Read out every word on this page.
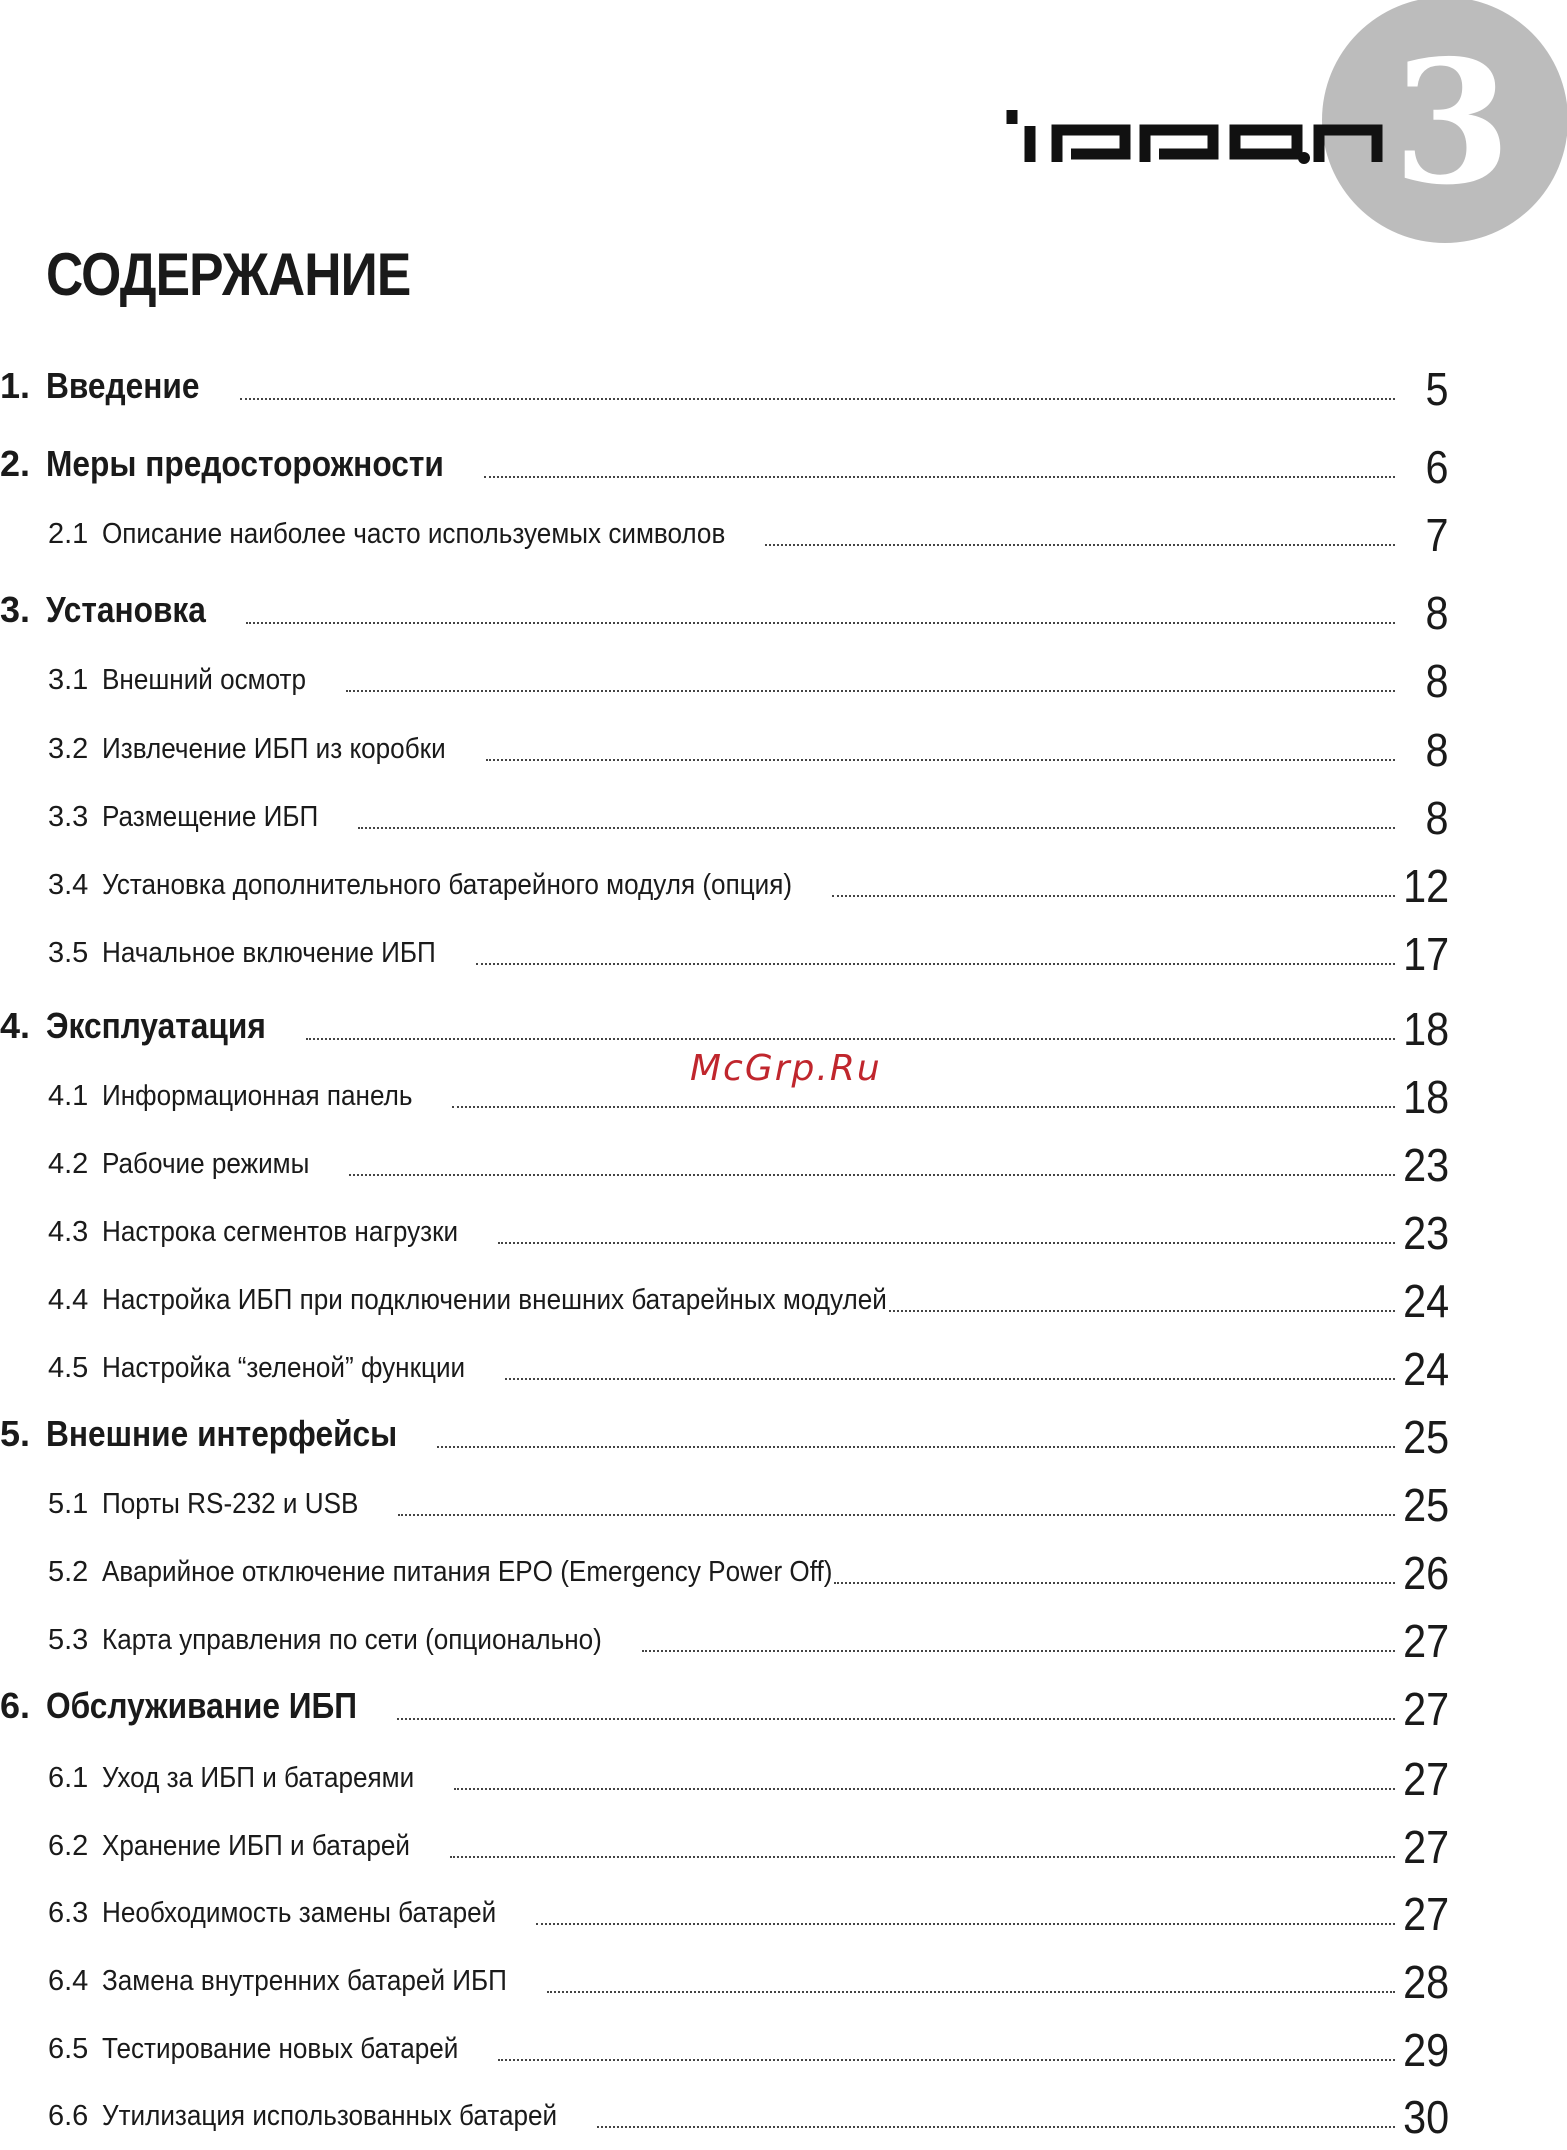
3
СОДЕРЖАНИЕ
1. Введение	5
2. Меры предосторожности	6
2.1 Описание наиболее часто используемых символов	7
3. Установка	8
3.1 Внешний осмотр	8
3.2 Извлечение ИБП из коробки	8
3.3 Размещение ИБП	8
3.4 Установка дополнительного батарейного модуля (опция)	12
3.5 Начальное включение ИБП	17
4. Эксплуатация	18
4.1 Информационная панель	18
4.2 Рабочие режимы	23
4.3 Настрока сегментов нагрузки	23
4.4 Настройка ИБП при подключении внешних батарейных модулей	24
4.5 Настройка “зеленой” функции	24
5. Внешние интерфейсы	25
5.1 Порты RS-232 и USB	25
5.2 Аварийное отключение питания EPO (Emergency Power Off)	26
5.3 Карта управления по сети (опционально)	27
6. Обслуживание ИБП	27
6.1 Уход за ИБП и батареями	27
6.2 Хранение ИБП и батарей	27
6.3 Необходимость замены батарей	27
6.4 Замена внутренних батарей ИБП	28
6.5 Тестирование новых батарей	29
6.6 Утилизация использованных батарей	30
McGrp.Ru
